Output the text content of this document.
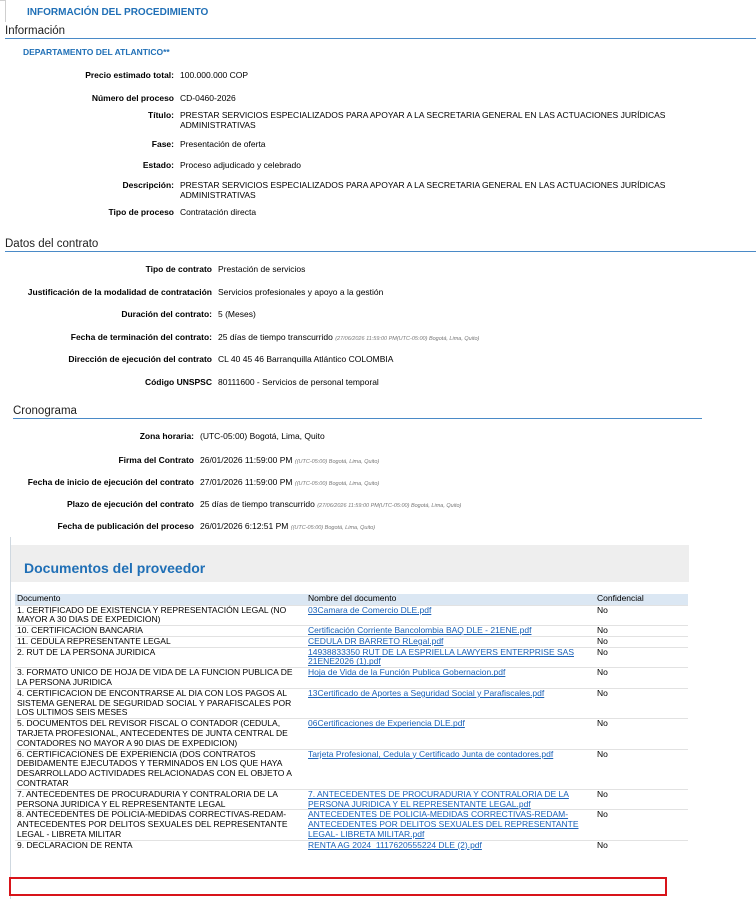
INFORMACIÓN DEL PROCEDIMIENTO
Información
DEPARTAMENTO DEL ATLANTICO**
Precio estimado total: 100.000.000 COP
Número del proceso CD-0460-2026
Título: PRESTAR SERVICIOS ESPECIALIZADOS PARA APOYAR A LA SECRETARIA GENERAL EN LAS ACTUACIONES JURÍDICAS ADMINISTRATIVAS
Fase: Presentación de oferta
Estado: Proceso adjudicado y celebrado
Descripción: PRESTAR SERVICIOS ESPECIALIZADOS PARA APOYAR A LA SECRETARIA GENERAL EN LAS ACTUACIONES JURÍDICAS ADMINISTRATIVAS
Tipo de proceso Contratación directa
Datos del contrato
Tipo de contrato Prestación de servicios
Justificación de la modalidad de contratación Servicios profesionales y apoyo a la gestión
Duración del contrato: 5 (Meses)
Fecha de terminación del contrato: 25 días de tiempo transcurrido (27/06/2026 11:59:00 PM(UTC-05:00) Bogotá, Lima, Quito)
Dirección de ejecución del contrato CL 40 45 46 Barranquilla Atlántico COLOMBIA
Código UNSPSC 80111600 - Servicios de personal temporal
Cronograma
Zona horaria: (UTC-05:00) Bogotá, Lima, Quito
Firma del Contrato 26/01/2026 11:59:00 PM ((UTC-05:00) Bogotá, Lima, Quito)
Fecha de inicio de ejecución del contrato 27/01/2026 11:59:00 PM ((UTC-05:00) Bogotá, Lima, Quito)
Plazo de ejecución del contrato 25 días de tiempo transcurrido (27/06/2026 11:59:00 PM(UTC-05:00) Bogotá, Lima, Quito)
Fecha de publicación del proceso 26/01/2026 6:12:51 PM ((UTC-05:00) Bogotá, Lima, Quito)
Documentos del proveedor
Documento	Nombre del documento	Confidencial
1. CERTIFICADO DE EXISTENCIA Y REPRESENTACIÓN LEGAL (NO MAYOR A 30 DIAS DE EXPEDICION)	03Camara de Comercio DLE.pdf	No
10. CERTIFICACION BANCARIA	Certificación Corriente Bancolombia BAQ DLE - 21ENE.pdf	No
11. CEDULA REPRESENTANTE LEGAL	CEDULA DR BARRETO RLegal.pdf	No
2. RUT DE LA PERSONA JURIDICA	14938833350 RUT DE LA ESPRIELLA LAWYERS ENTERPRISE SAS 21ENE2026 (1).pdf	No
3. FORMATO UNICO DE HOJA DE VIDA DE LA FUNCION PUBLICA DE LA PERSONA JURIDICA	Hoja de Vida de la Función Publica Gobernacion.pdf	No
4. CERTIFICACION DE ENCONTRARSE AL DIA CON LOS PAGOS AL SISTEMA GENERAL DE SEGURIDAD SOCIAL Y PARAFISCALES POR LOS ULTIMOS SEIS MESES	13Certificado de Aportes a Seguridad Social y Parafiscales.pdf	No
5. DOCUMENTOS DEL REVISOR FISCAL O CONTADOR (CEDULA, TARJETA PROFESIONAL, ANTECEDENTES DE JUNTA CENTRAL DE CONTADORES NO MAYOR A 90 DIAS DE EXPEDICION)	06Certificaciones de Experiencia DLE.pdf	No
6. CERTIFICACIONES DE EXPERIENCIA (DOS CONTRATOS DEBIDAMENTE EJECUTADOS Y TERMINADOS EN LOS QUE HAYA DESARROLLADO ACTIVIDADES RELACIONADAS CON EL OBJETO A CONTRATAR	Tarjeta Profesional, Cedula y Certificado Junta de contadores.pdf	No
7. ANTECEDENTES DE PROCURADURIA Y CONTRALORIA DE LA PERSONA JURIDICA Y EL REPRESENTANTE LEGAL	7. ANTECEDENTES DE PROCURADURIA Y CONTRALORIA DE LA PERSONA JURIDICA Y EL REPRESENTANTE LEGAL.pdf	No
8. ANTECEDENTES DE POLICIA-MEDIDAS CORRECTIVAS-REDAM-ANTECEDENTES POR DELITOS SEXUALES DEL REPRESENTANTE LEGAL - LIBRETA MILITAR	ANTECEDENTES DE POLICIA-MEDIDAS CORRECTIVAS-REDAM-ANTECEDENTES POR DELITOS SEXUALES DEL REPRESENTANTE LEGAL- LIBRETA MILITAR.pdf	No
9. DECLARACION DE RENTA	RENTA AG 2024_1117620555224 DLE (2).pdf	No
